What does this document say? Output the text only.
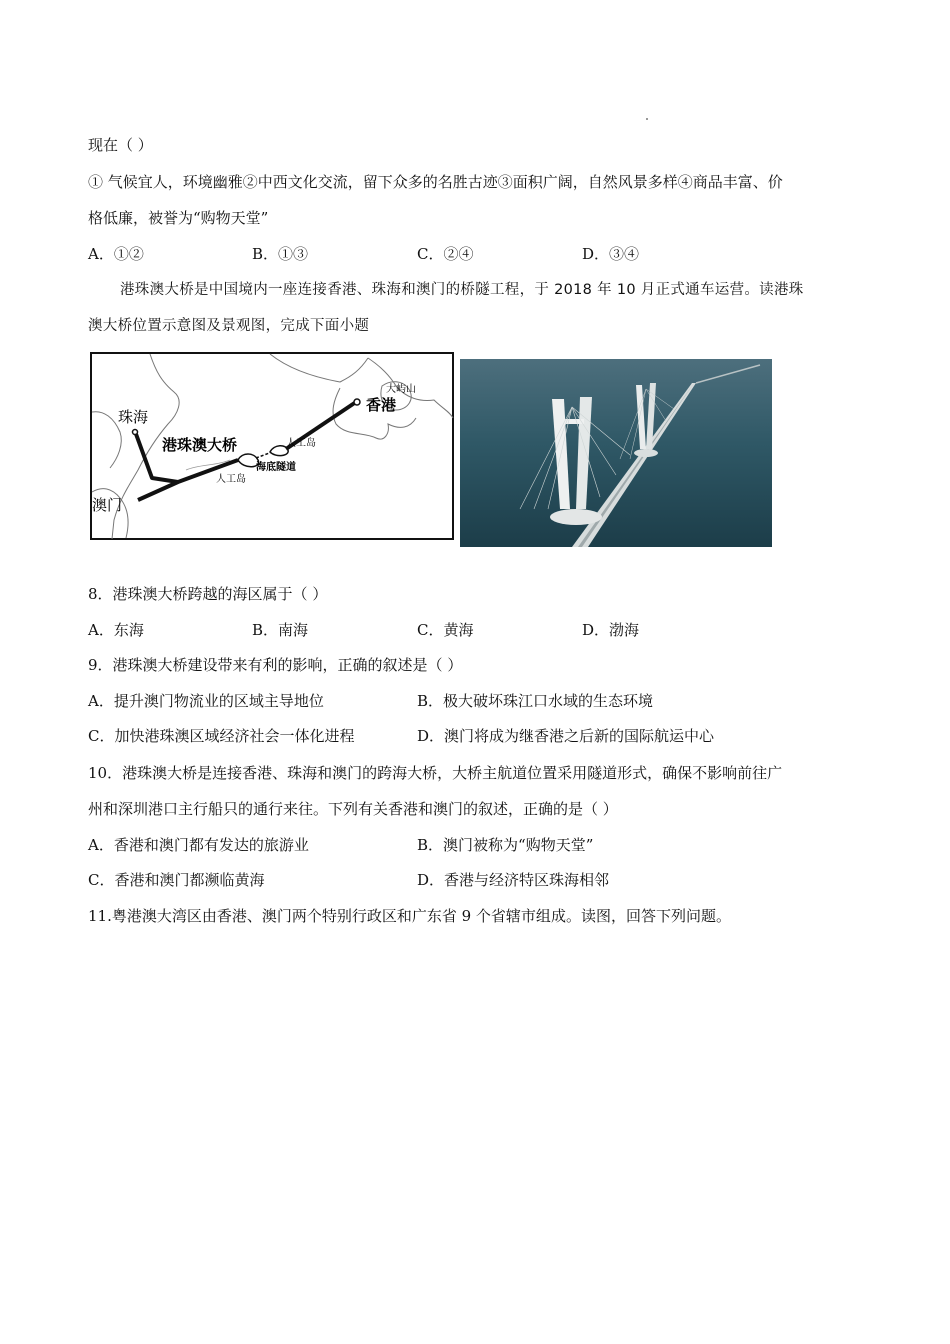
现在（ ）
① 气候宜人，环境幽雅②中西文化交流，留下众多的名胜古迹③面积广阔，自然风景多样④商品丰富、价
格低廉，被誉为“购物天堂”
A．①②	B．①③	C．②④	D．③④
港珠澳大桥是中国境内一座连接香港、珠海和澳门的桥隧工程，于 2018 年 10 月正式通车运营。读港珠
澳大桥位置示意图及景观图，完成下面小题
珠海
澳门
香港
港珠澳大桥
人工岛
人工岛
海底隧道
大屿山
8．港珠澳大桥跨越的海区属于（ ）
A．东海	B．南海	C．黄海	D．渤海
9．港珠澳大桥建设带来有利的影响，正确的叙述是（ ）
A．提升澳门物流业的区域主导地位	B．极大破坏珠江口水域的生态环境
C．加快港珠澳区域经济社会一体化进程	D．澳门将成为继香港之后新的国际航运中心
10．港珠澳大桥是连接香港、珠海和澳门的跨海大桥，大桥主航道位置采用隧道形式，确保不影响前往广
州和深圳港口主行船只的通行来往。下列有关香港和澳门的叙述，正确的是（ ）
A．香港和澳门都有发达的旅游业	B．澳门被称为“购物天堂”
C．香港和澳门都濒临黄海	D．香港与经济特区珠海相邻
11.粤港澳大湾区由香港、澳门两个特别行政区和广东省 9 个省辖市组成。读图，回答下列问题。
